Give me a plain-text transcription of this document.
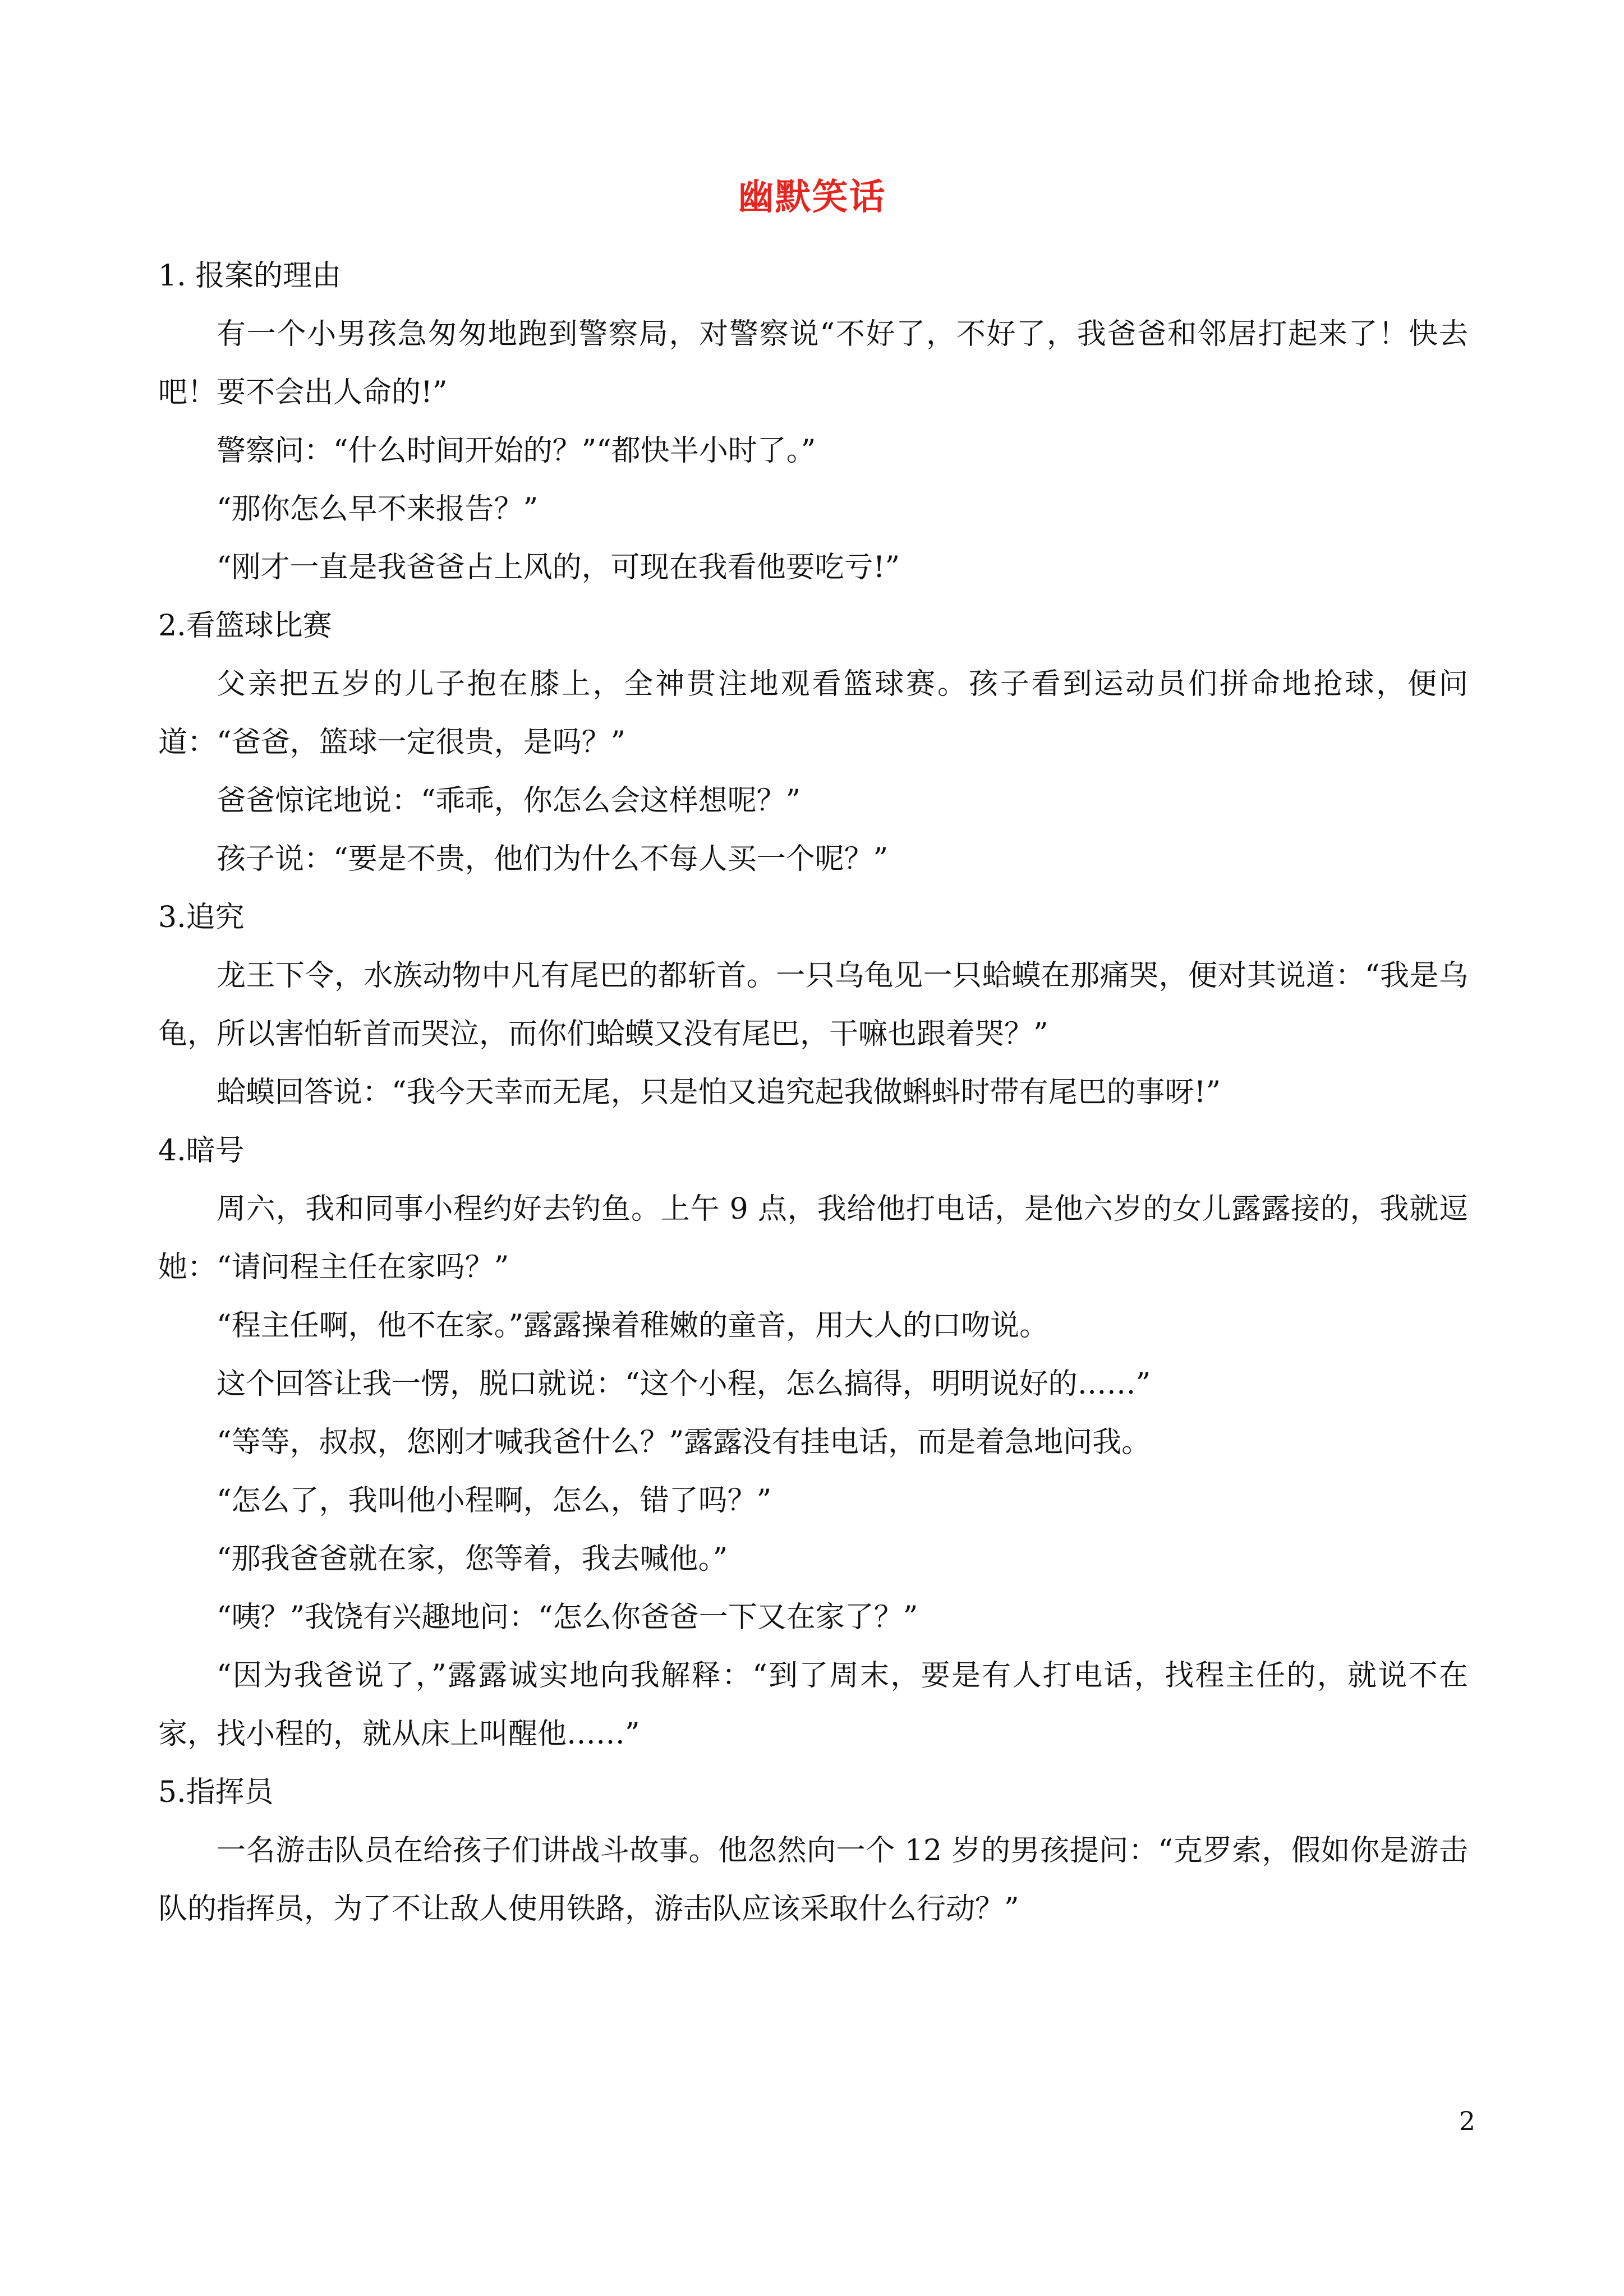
幽默笑话

1. 报案的理由

有一个小男孩急匆匆地跑到警察局，对警察说“不好了，不好了，我爸爸和邻居打起来了！快去吧！要不会出人命的!”

警察问：“什么时间开始的？”“都快半小时了。”

“那你怎么早不来报告？”

“刚才一直是我爸爸占上风的，可现在我看他要吃亏!”

2.看篮球比赛

父亲把五岁的儿子抱在膝上，全神贯注地观看篮球赛。孩子看到运动员们拼命地抢球，便问道：“爸爸，篮球一定很贵，是吗？”

爸爸惊诧地说：“乖乖，你怎么会这样想呢？”

孩子说：“要是不贵，他们为什么不每人买一个呢？”

3.追究

龙王下令，水族动物中凡有尾巴的都斩首。一只乌龟见一只蛤蟆在那痛哭，便对其说道：“我是乌龟，所以害怕斩首而哭泣，而你们蛤蟆又没有尾巴，干嘛也跟着哭？”

蛤蟆回答说：“我今天幸而无尾，只是怕又追究起我做蝌蚪时带有尾巴的事呀!”

4.暗号

周六，我和同事小程约好去钓鱼。上午 9 点，我给他打电话，是他六岁的女儿露露接的，我就逗她：“请问程主任在家吗？”

“程主任啊，他不在家。”露露操着稚嫩的童音，用大人的口吻说。

这个回答让我一愣，脱口就说：“这个小程，怎么搞得，明明说好的……”

“等等，叔叔，您刚才喊我爸什么？”露露没有挂电话，而是着急地问我。

“怎么了，我叫他小程啊，怎么，错了吗？”

“那我爸爸就在家，您等着，我去喊他。”

“咦？”我饶有兴趣地问：“怎么你爸爸一下又在家了？”

“因为我爸说了，”露露诚实地向我解释：“到了周末，要是有人打电话，找程主任的，就说不在家，找小程的，就从床上叫醒他……”

5.指挥员

一名游击队员在给孩子们讲战斗故事。他忽然向一个 12 岁的男孩提问：“克罗索，假如你是游击队的指挥员，为了不让敌人使用铁路，游击队应该采取什么行动？”

2
